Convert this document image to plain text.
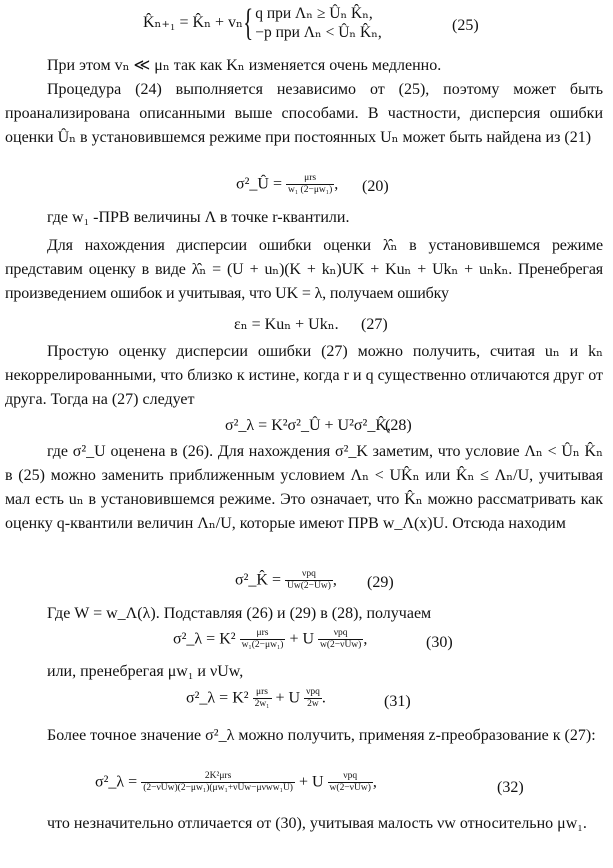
K̂ₙ₊₁ = K̂ₙ + vₙ{ q при Λₙ ≥ Ûₙ K̂ₙ,
−p при Λₙ < Ûₙ K̂ₙ,	(25)
При этом vₙ ≪ μₙ так как Kₙ изменяется очень медленно.
Процедура (24) выполняется независимо от (25), поэтому может быть проанализирована описанными выше способами. В частности, дисперсия ошибки оценки Ûₙ в установившемся режиме при постоянных Uₙ может быть найдена из (21)
σ²_Û = $\frac{\text{μrs}}{\text{w₁ (2−μw₁)}}$ , (20)
где w₁ -ПРВ величины Λ в точке r-квантили.
Для нахождения дисперсии ошибки оценки λ̂ₙ в установившемся режиме представим оценку в виде λ̂ₙ = (U + uₙ)(K + kₙ)UK + Kuₙ + Ukₙ + uₙkₙ. Пренебрегая произведением ошибок и учитывая, что UK = λ, получаем ошибку
εₙ = Kuₙ + Ukₙ. (27)
Простую оценку дисперсии ошибки (27) можно получить, считая uₙ и kₙ некоррелированными, что близко к истине, когда r и q существенно отличаются друг от друга. Тогда на (27) следует
σ²_λ = K²σ²_Û + U²σ²_K̂,
(28)
где σ²_U оценена в (26). Для нахождения σ²_K заметим, что условие Λₙ < Ûₙ K̂ₙ в (25) можно заменить приближенным условием Λₙ < UK̂ₙ или K̂ₙ ≤ Λₙ/U, учитывая мал есть uₙ в установившемся режиме. Это означает, что K̂ₙ можно рассматривать как оценку q-квантили величин Λₙ/U, которые имеют ПРВ w_Λ(x)U. Отсюда находим
σ²_K̂ = $\frac{\text{νpq}}{Uw(2-Uw)}$ , (29)
Где W = w_Λ(λ). Подставляя (26) и (29) в (28), получаем
σ²_λ = $K^2 \frac{\text{μrs}}{\text{w₁(2−μw₁)}} + U \frac{\text{νpq}}{\text{w(2−νUw)}}$ ,	(30)
или, пренебрегая μw₁ и νUw,
σ²_λ = $K^2 \frac{\text{μrs}}{\text{2w₁}} + U \frac{\text{νpq}}{2w}$ .	(31)
Более точное значение σ²_λ можно получить, применяя z-преобразование к (27):
σ²_λ = $\frac{\text{2K²μrs}}{\text{(2−νUw)(2−μw₁)(μw₁+νUw−μνww₁U)}} + U \frac{\text{νpq}}{\text{w(2−νUw)}}$ ,	(32)
что незначительно отличается от (30), учитывая малость νw относительно μw₁.
